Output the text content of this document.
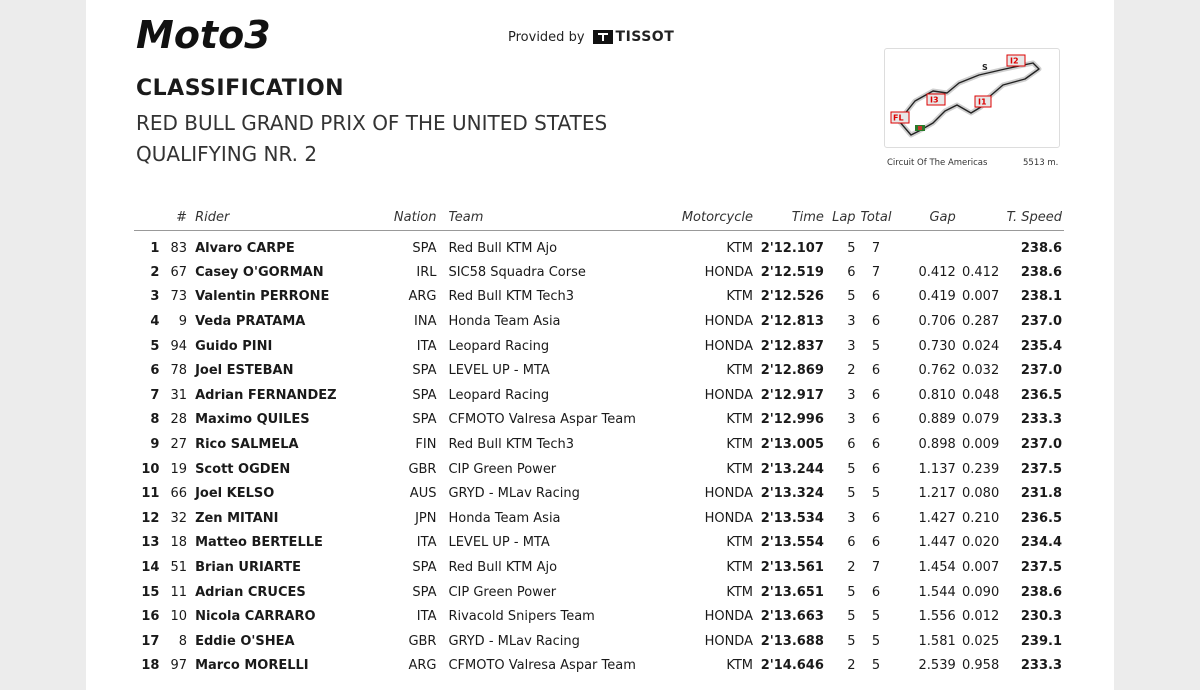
Moto3	Provided by TISSOT
CLASSIFICATION
RED BULL GRAND PRIX OF THE UNITED STATES
QUALIFYING NR. 2
I2
S
I3	I1
FL
Circuit Of The Americas	5513 m.
	#	Rider	Nation	Team	Motorcycle	Time	Lap	Total	Gap		T. Speed
1	83	Alvaro CARPE	SPA	Red Bull KTM Ajo	KTM	2'12.107	5	7			238.6
2	67	Casey O'GORMAN	IRL	SIC58 Squadra Corse	HONDA	2'12.519	6	7	0.412	0.412	238.6
3	73	Valentin PERRONE	ARG	Red Bull KTM Tech3	KTM	2'12.526	5	6	0.419	0.007	238.1
4	9	Veda PRATAMA	INA	Honda Team Asia	HONDA	2'12.813	3	6	0.706	0.287	237.0
5	94	Guido PINI	ITA	Leopard Racing	HONDA	2'12.837	3	5	0.730	0.024	235.4
6	78	Joel ESTEBAN	SPA	LEVEL UP - MTA	KTM	2'12.869	2	6	0.762	0.032	237.0
7	31	Adrian FERNANDEZ	SPA	Leopard Racing	HONDA	2'12.917	3	6	0.810	0.048	236.5
8	28	Maximo QUILES	SPA	CFMOTO Valresa Aspar Team	KTM	2'12.996	3	6	0.889	0.079	233.3
9	27	Rico SALMELA	FIN	Red Bull KTM Tech3	KTM	2'13.005	6	6	0.898	0.009	237.0
10	19	Scott OGDEN	GBR	CIP Green Power	KTM	2'13.244	5	6	1.137	0.239	237.5
11	66	Joel KELSO	AUS	GRYD - MLav Racing	HONDA	2'13.324	5	5	1.217	0.080	231.8
12	32	Zen MITANI	JPN	Honda Team Asia	HONDA	2'13.534	3	6	1.427	0.210	236.5
13	18	Matteo BERTELLE	ITA	LEVEL UP - MTA	KTM	2'13.554	6	6	1.447	0.020	234.4
14	51	Brian URIARTE	SPA	Red Bull KTM Ajo	KTM	2'13.561	2	7	1.454	0.007	237.5
15	11	Adrian CRUCES	SPA	CIP Green Power	KTM	2'13.651	5	6	1.544	0.090	238.6
16	10	Nicola CARRARO	ITA	Rivacold Snipers Team	HONDA	2'13.663	5	5	1.556	0.012	230.3
17	8	Eddie O'SHEA	GBR	GRYD - MLav Racing	HONDA	2'13.688	5	5	1.581	0.025	239.1
18	97	Marco MORELLI	ARG	CFMOTO Valresa Aspar Team	KTM	2'14.646	2	5	2.539	0.958	233.3
